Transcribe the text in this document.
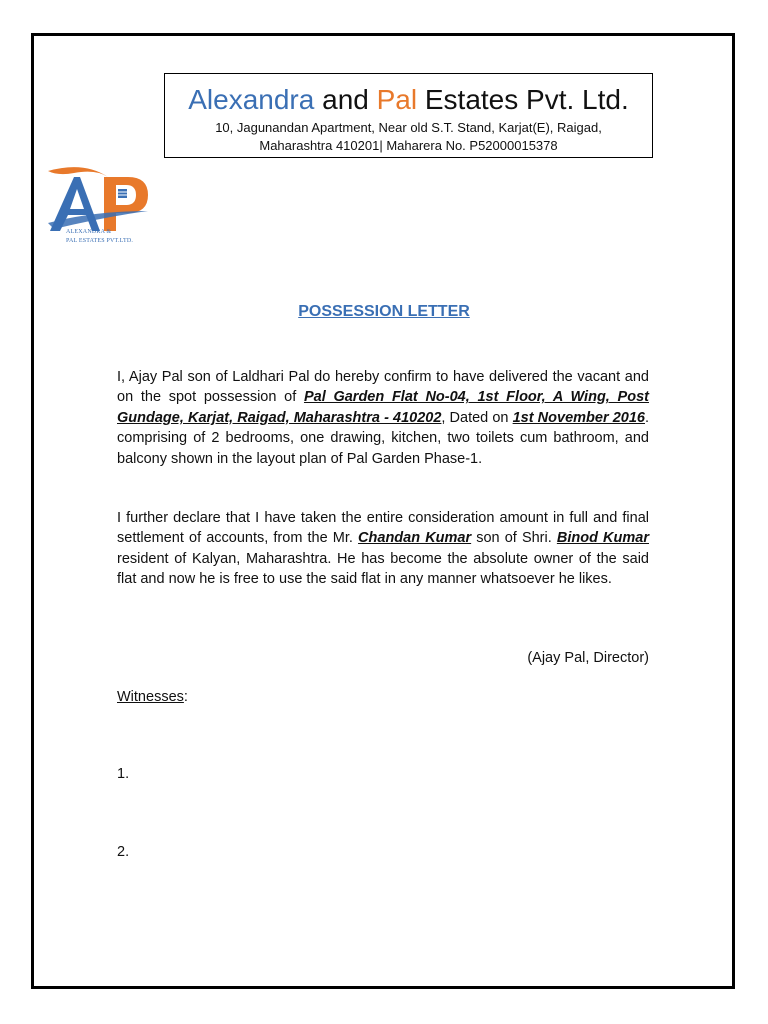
Alexandra and Pal Estates Pvt. Ltd.
10, Jagunandan Apartment, Near old S.T. Stand, Karjat(E), Raigad,
Maharashtra 410201| Maharera No. P52000015378
ALEXANDRA &
PAL ESTATES PVT.LTD.
POSSESSION LETTER
I, Ajay Pal son of Laldhari Pal do hereby confirm to have delivered the vacant and on the spot possession of Pal Garden Flat No-04, 1st Floor, A Wing, Post Gundage, Karjat, Raigad, Maharashtra - 410202, Dated on 1st November 2016. comprising of 2 bedrooms, one drawing, kitchen, two toilets cum bathroom, and balcony shown in the layout plan of Pal Garden Phase-1.
I further declare that I have taken the entire consideration amount in full and final settlement of accounts, from the Mr. Chandan Kumar son of Shri. Binod Kumar resident of Kalyan, Maharashtra. He has become the absolute owner of the said flat and now he is free to use the said flat in any manner whatsoever he likes.
(Ajay Pal, Director)
Witnesses:
1.
2.
